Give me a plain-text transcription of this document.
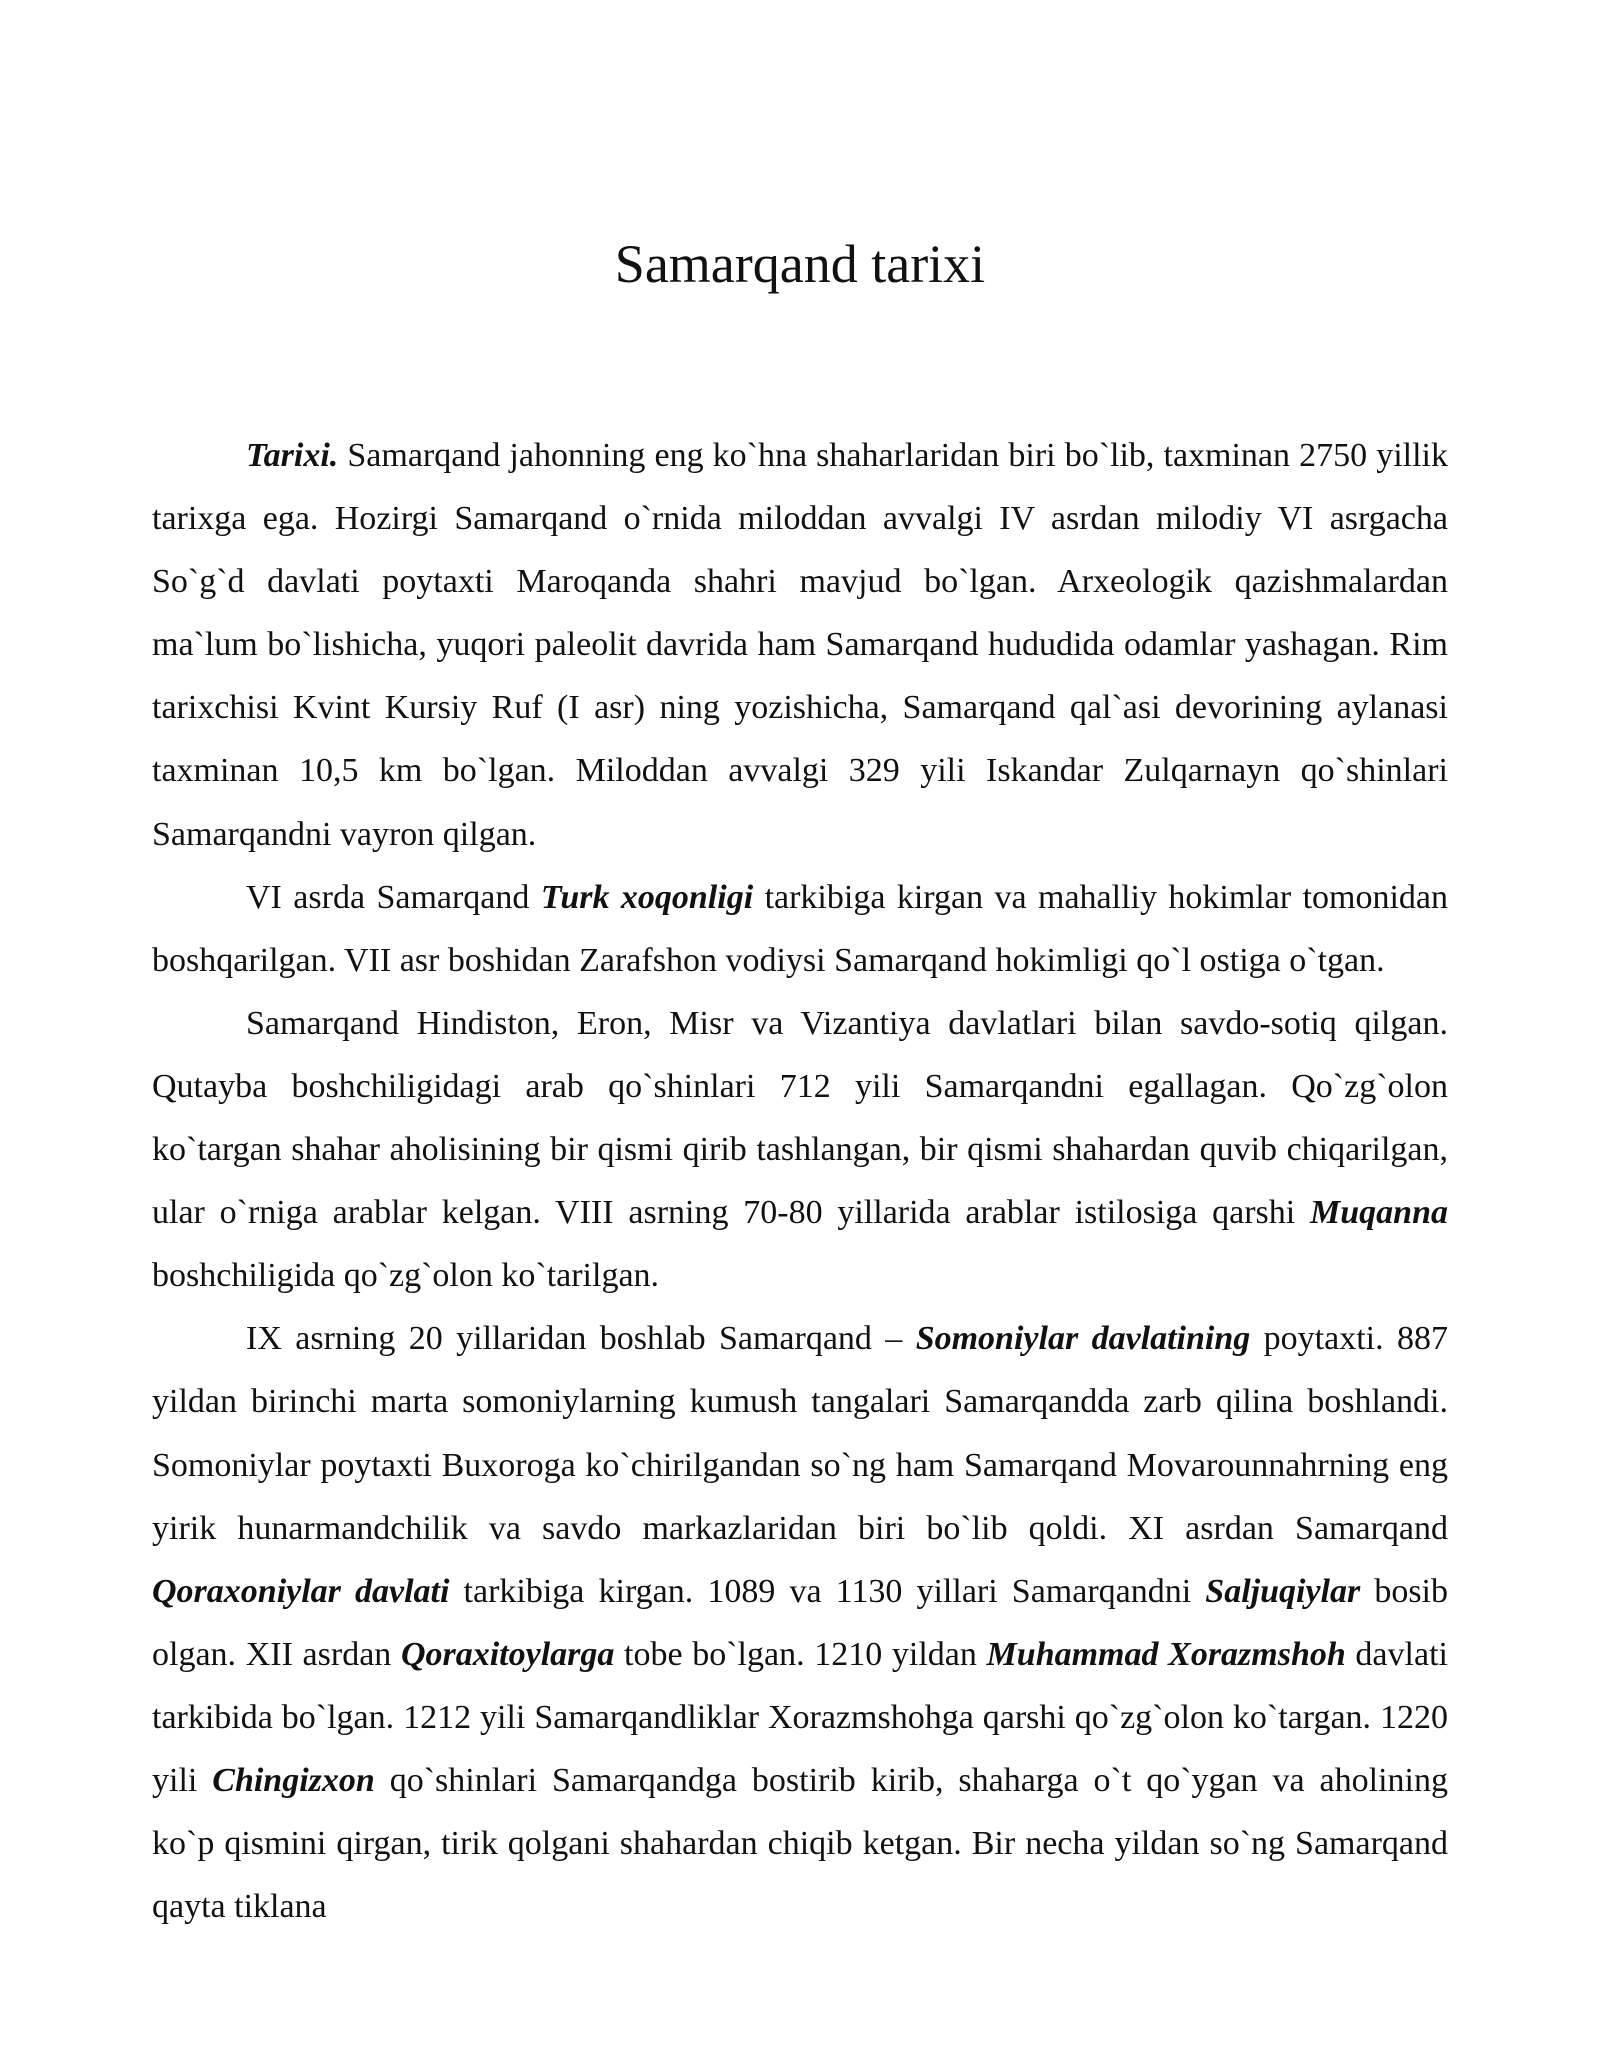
Samarqand tarixi

Tarixi. Samarqand jahonning eng ko`hna shaharlaridan biri bo`lib, taxminan 2750 yillik tarixga ega. Hozirgi Samarqand o`rnida miloddan avvalgi IV asrdan milodiy VI asrgacha So`g`d davlati poytaxti Maroqanda shahri mavjud bo`lgan. Arxeologik qazishmalardan ma`lum bo`lishicha, yuqori paleolit davrida ham Samarqand hududida odamlar yashagan. Rim tarixchisi Kvint Kursiy Ruf (I asr) ning yozishicha, Samarqand qal`asi devorining aylanasi taxminan 10,5 km bo`lgan. Miloddan avvalgi 329 yili Iskandar Zulqarnayn qo`shinlari Samarqandni vayron qilgan.

VI asrda Samarqand Turk xoqonligi tarkibiga kirgan va mahalliy hokimlar tomonidan boshqarilgan. VII asr boshidan Zarafshon vodiysi Samarqand hokimligi qo`l ostiga o`tgan.

Samarqand Hindiston, Eron, Misr va Vizantiya davlatlari bilan savdo-sotiq qilgan. Qutayba boshchiligidagi arab qo`shinlari 712 yili Samarqandni egallagan. Qo`zg`olon ko`targan shahar aholisining bir qismi qirib tashlangan, bir qismi shahardan quvib chiqarilgan, ular o`rniga arablar kelgan. VIII asrning 70-80 yillarida arablar istilosiga qarshi Muqanna boshchiligida qo`zg`olon ko`tarilgan.

IX asrning 20 yillaridan boshlab Samarqand – Somoniylar davlatining poytaxti. 887 yildan birinchi marta somoniylarning kumush tangalari Samarqandda zarb qilina boshlandi. Somoniylar poytaxti Buxoroga ko`chirilgandan so`ng ham Samarqand Movarounnahrning eng yirik hunarmandchilik va savdo markazlaridan biri bo`lib qoldi. XI asrdan Samarqand Qoraxoniylar davlati tarkibiga kirgan. 1089 va 1130 yillari Samarqandni Saljuqiylar bosib olgan. XII asrdan Qoraxitoylarga tobe bo`lgan. 1210 yildan Muhammad Xorazmshoh davlati tarkibida bo`lgan. 1212 yili Samarqandliklar Xorazmshohga qarshi qo`zg`olon ko`targan. 1220 yili Chingizxon qo`shinlari Samarqandga bostirib kirib, shaharga o`t qo`ygan va aholining ko`p qismini qirgan, tirik qolgani shahardan chiqib ketgan. Bir necha yildan so`ng Samarqand qayta tiklana
